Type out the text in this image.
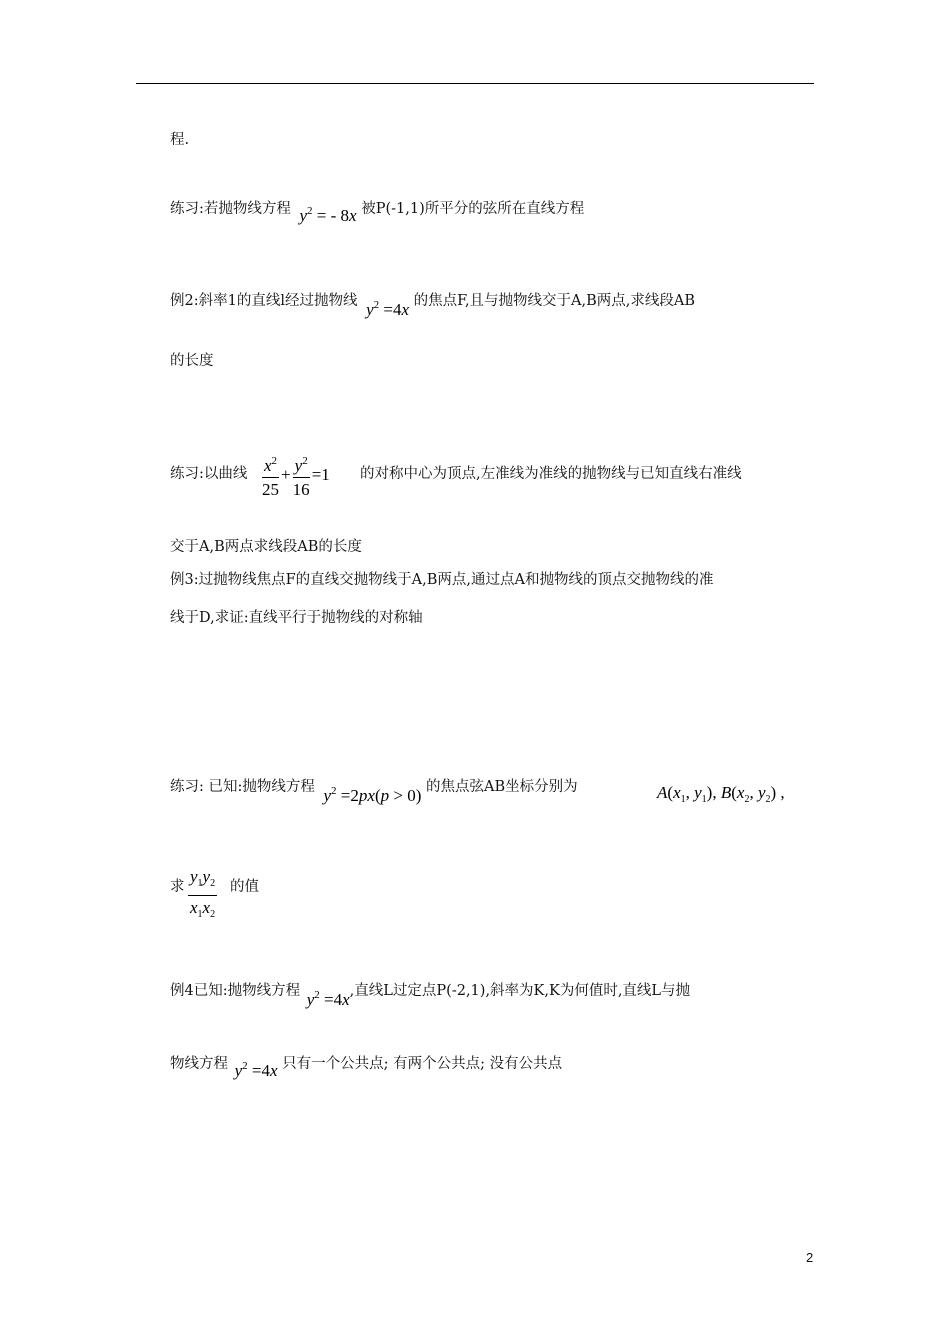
程.
练习:若抛物线方程 $y^2$ = - 8x 被P(-1,1)所平分的弦所在直线方程
例2:斜率1的直线l经过抛物线 $y^2 =4x$ 的焦点F,且与抛物线交于A,B两点,求线段AB
的长度
练习:以曲线 $\frac{x^2}{25} + \frac{y^2}{16} =1$ 的对称中心为顶点,左准线为准线的抛物线与已知直线右准线
交于A,B两点求线段AB的长度
例3:过抛物线焦点F的直线交抛物线于A,B两点,通过点A和抛物线的顶点交抛物线的准
线于D,求证:直线平行于抛物线的对称轴
练习: 已知:抛物线方程 $y^2 =2px(p > 0)$ 的焦点弦AB坐标分别为	$A(x_1$, $y_1$), $B(x_2$, $y_2$) ,
求 $\frac{y_1y_2}{x_1x_2}$ 的值
例4已知:抛物线方程 $y^2 =4x$,直线L过定点P(-2,1),斜率为K,K为何值时,直线L与抛
物线方程 $y^2 =4x$ 只有一个公共点; 有两个公共点; 没有公共点
2
